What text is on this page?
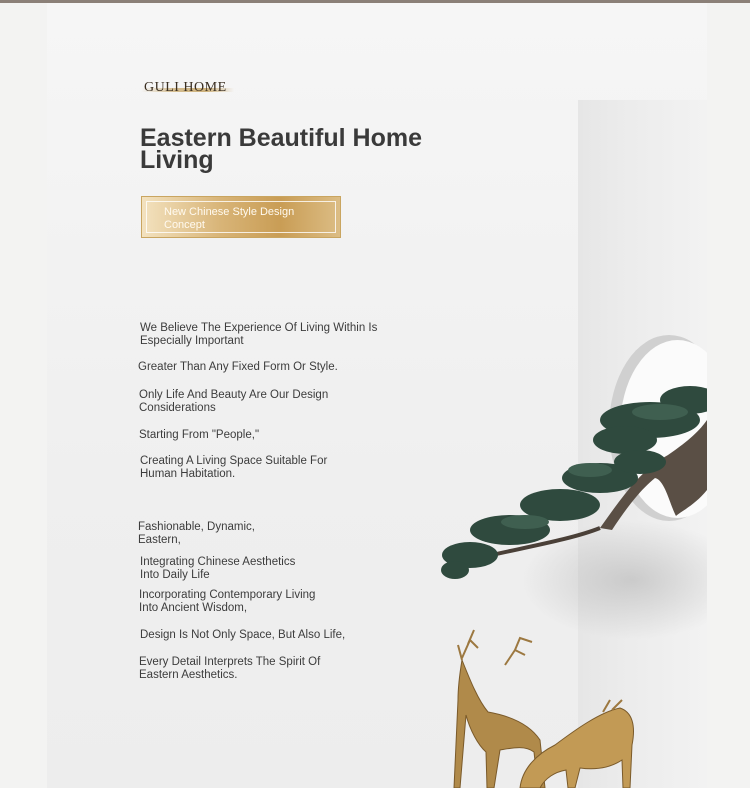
GULI HOME
Eastern Beautiful Home
Living
New Chinese Style Design
Concept
We Believe The Experience Of Living Within Is
Especially Important
Greater Than Any Fixed Form Or Style.
Only Life And Beauty Are Our Design
Considerations
Starting From "People,"
Creating A Living Space Suitable For
Human Habitation.
Fashionable, Dynamic,
Eastern,
Integrating Chinese Aesthetics
Into Daily Life
Incorporating Contemporary Living
Into Ancient Wisdom,
Design Is Not Only Space, But Also Life,
Every Detail Interprets The Spirit Of
Eastern Aesthetics.
